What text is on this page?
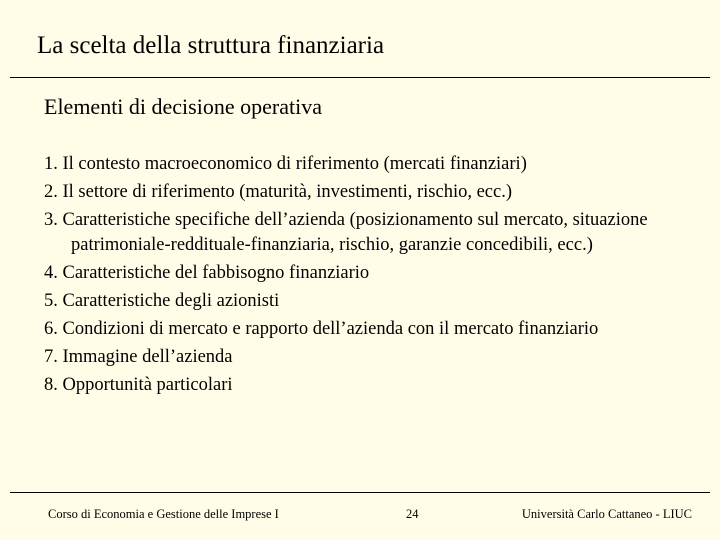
La scelta della struttura finanziaria
Elementi di decisione operativa
1. Il contesto macroeconomico di riferimento (mercati finanziari)
2. Il settore di riferimento (maturità, investimenti, rischio, ecc.)
3. Caratteristiche specifiche dell’azienda (posizionamento sul mercato, situazione patrimoniale-reddituale-finanziaria, rischio, garanzie concedibili, ecc.)
4. Caratteristiche del fabbisogno finanziario
5. Caratteristiche degli azionisti
6. Condizioni di mercato e rapporto dell’azienda con il mercato finanziario
7. Immagine dell’azienda
8. Opportunità particolari
Corso di Economia e Gestione delle Imprese I	24	Università Carlo Cattaneo - LIUC
